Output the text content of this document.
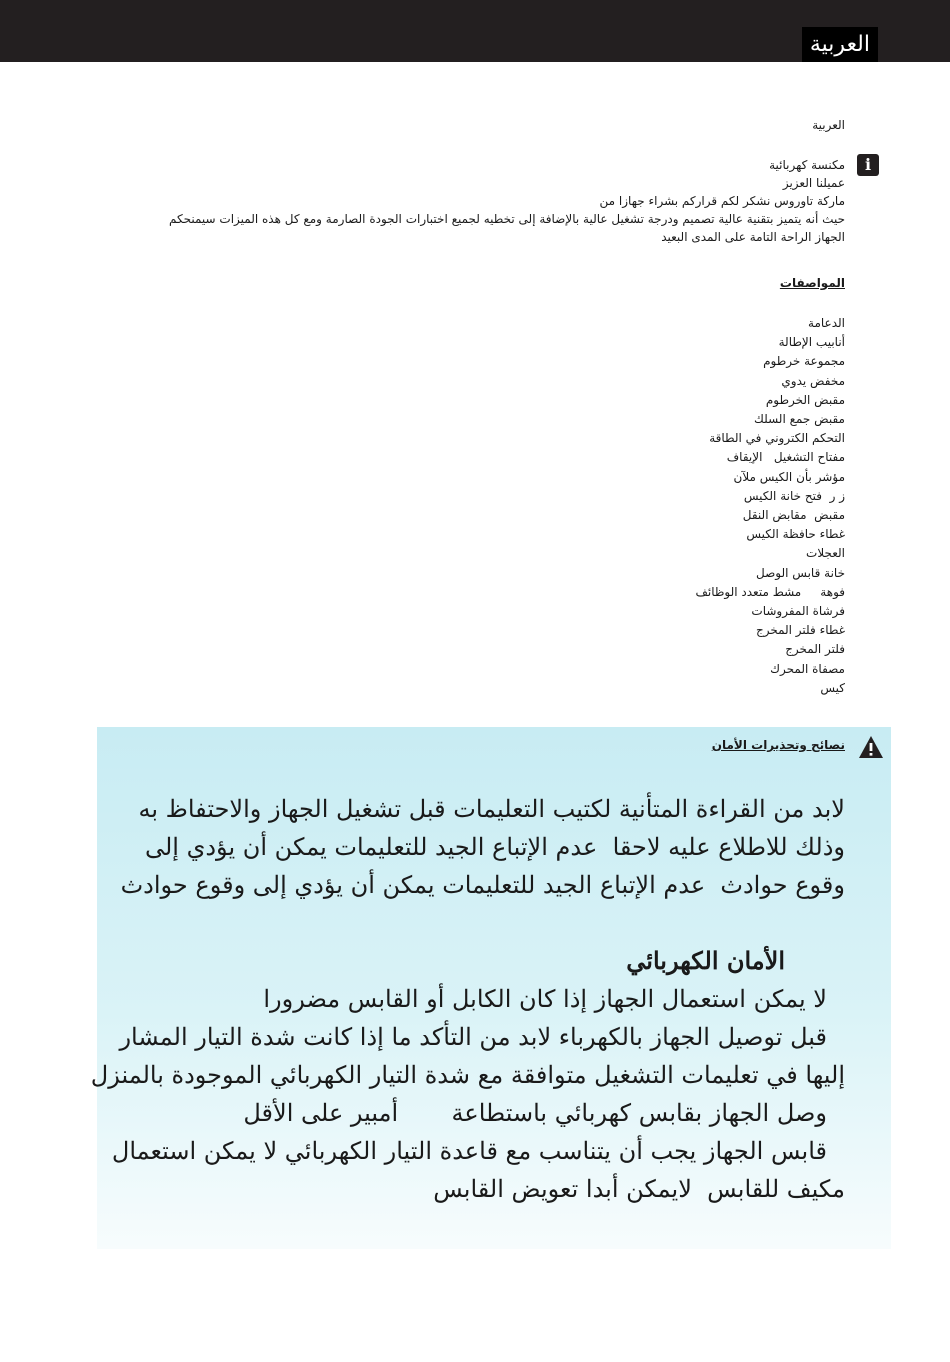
العربية
العربية
i
مكنسة كهربائية
عميلنا العزيز
ماركة تاوروس نشكر لكم قراركم بشراء جهازا من
حيث أنه يتميز بتقنية عالية تصميم ودرجة تشغيل عالية بالإضافة إلى تخطيه لجميع اختبارات الجودة الصارمة ومع كل هذه الميزات سيمنحكم
الجهاز الراحة التامة على المدى البعيد
المواصفات
الدعامة
أنابيب الإطالة
مجموعة خرطوم
مخفض يدوي
مقبض الخرطوم
مقبض جمع السلك
التحكم الكتروني في الطاقة
مفتاح التشغيل   الإيقاف
مؤشر بأن الكيس ملآن
ز ر  فتح خانة الكيس
مقبض  مقابض النقل
غطاء حافظة الكيس
العجلات
خانة قابس الوصل
فوهة     مشط متعدد الوظائف
فرشاة المفروشات
غطاء فلتر المخرج
فلتر المخرج
مصفاة المحرك
كيس
نصائح وتحذيرات الأمان

لابد من القراءة المتأنية لكتيب التعليمات قبل تشغيل الجهاز والاحتفاظ به

وذلك للاطلاع عليه لاحقا  عدم الإتباع الجيد للتعليمات يمكن أن يؤدي إلى

وقوع حوادث  عدم الإتباع الجيد للتعليمات يمكن أن يؤدي إلى وقوع حوادث

الأمان الكهربائي

لا يمكن استعمال الجهاز إذا كان الكابل أو القابس مضرورا

قبل توصيل الجهاز بالكهرباء لابد من التأكد ما إذا كانت شدة التيار المشار

إليها في تعليمات التشغيل متوافقة مع شدة التيار الكهربائي الموجودة بالمنزل

وصل الجهاز بقابس كهربائي باستطاعة       أمبير على الأقل

قابس الجهاز يجب أن يتناسب مع قاعدة التيار الكهربائي لا يمكن استعمال

مكيف للقابس  لايمكن أبدا تعويض القابس
